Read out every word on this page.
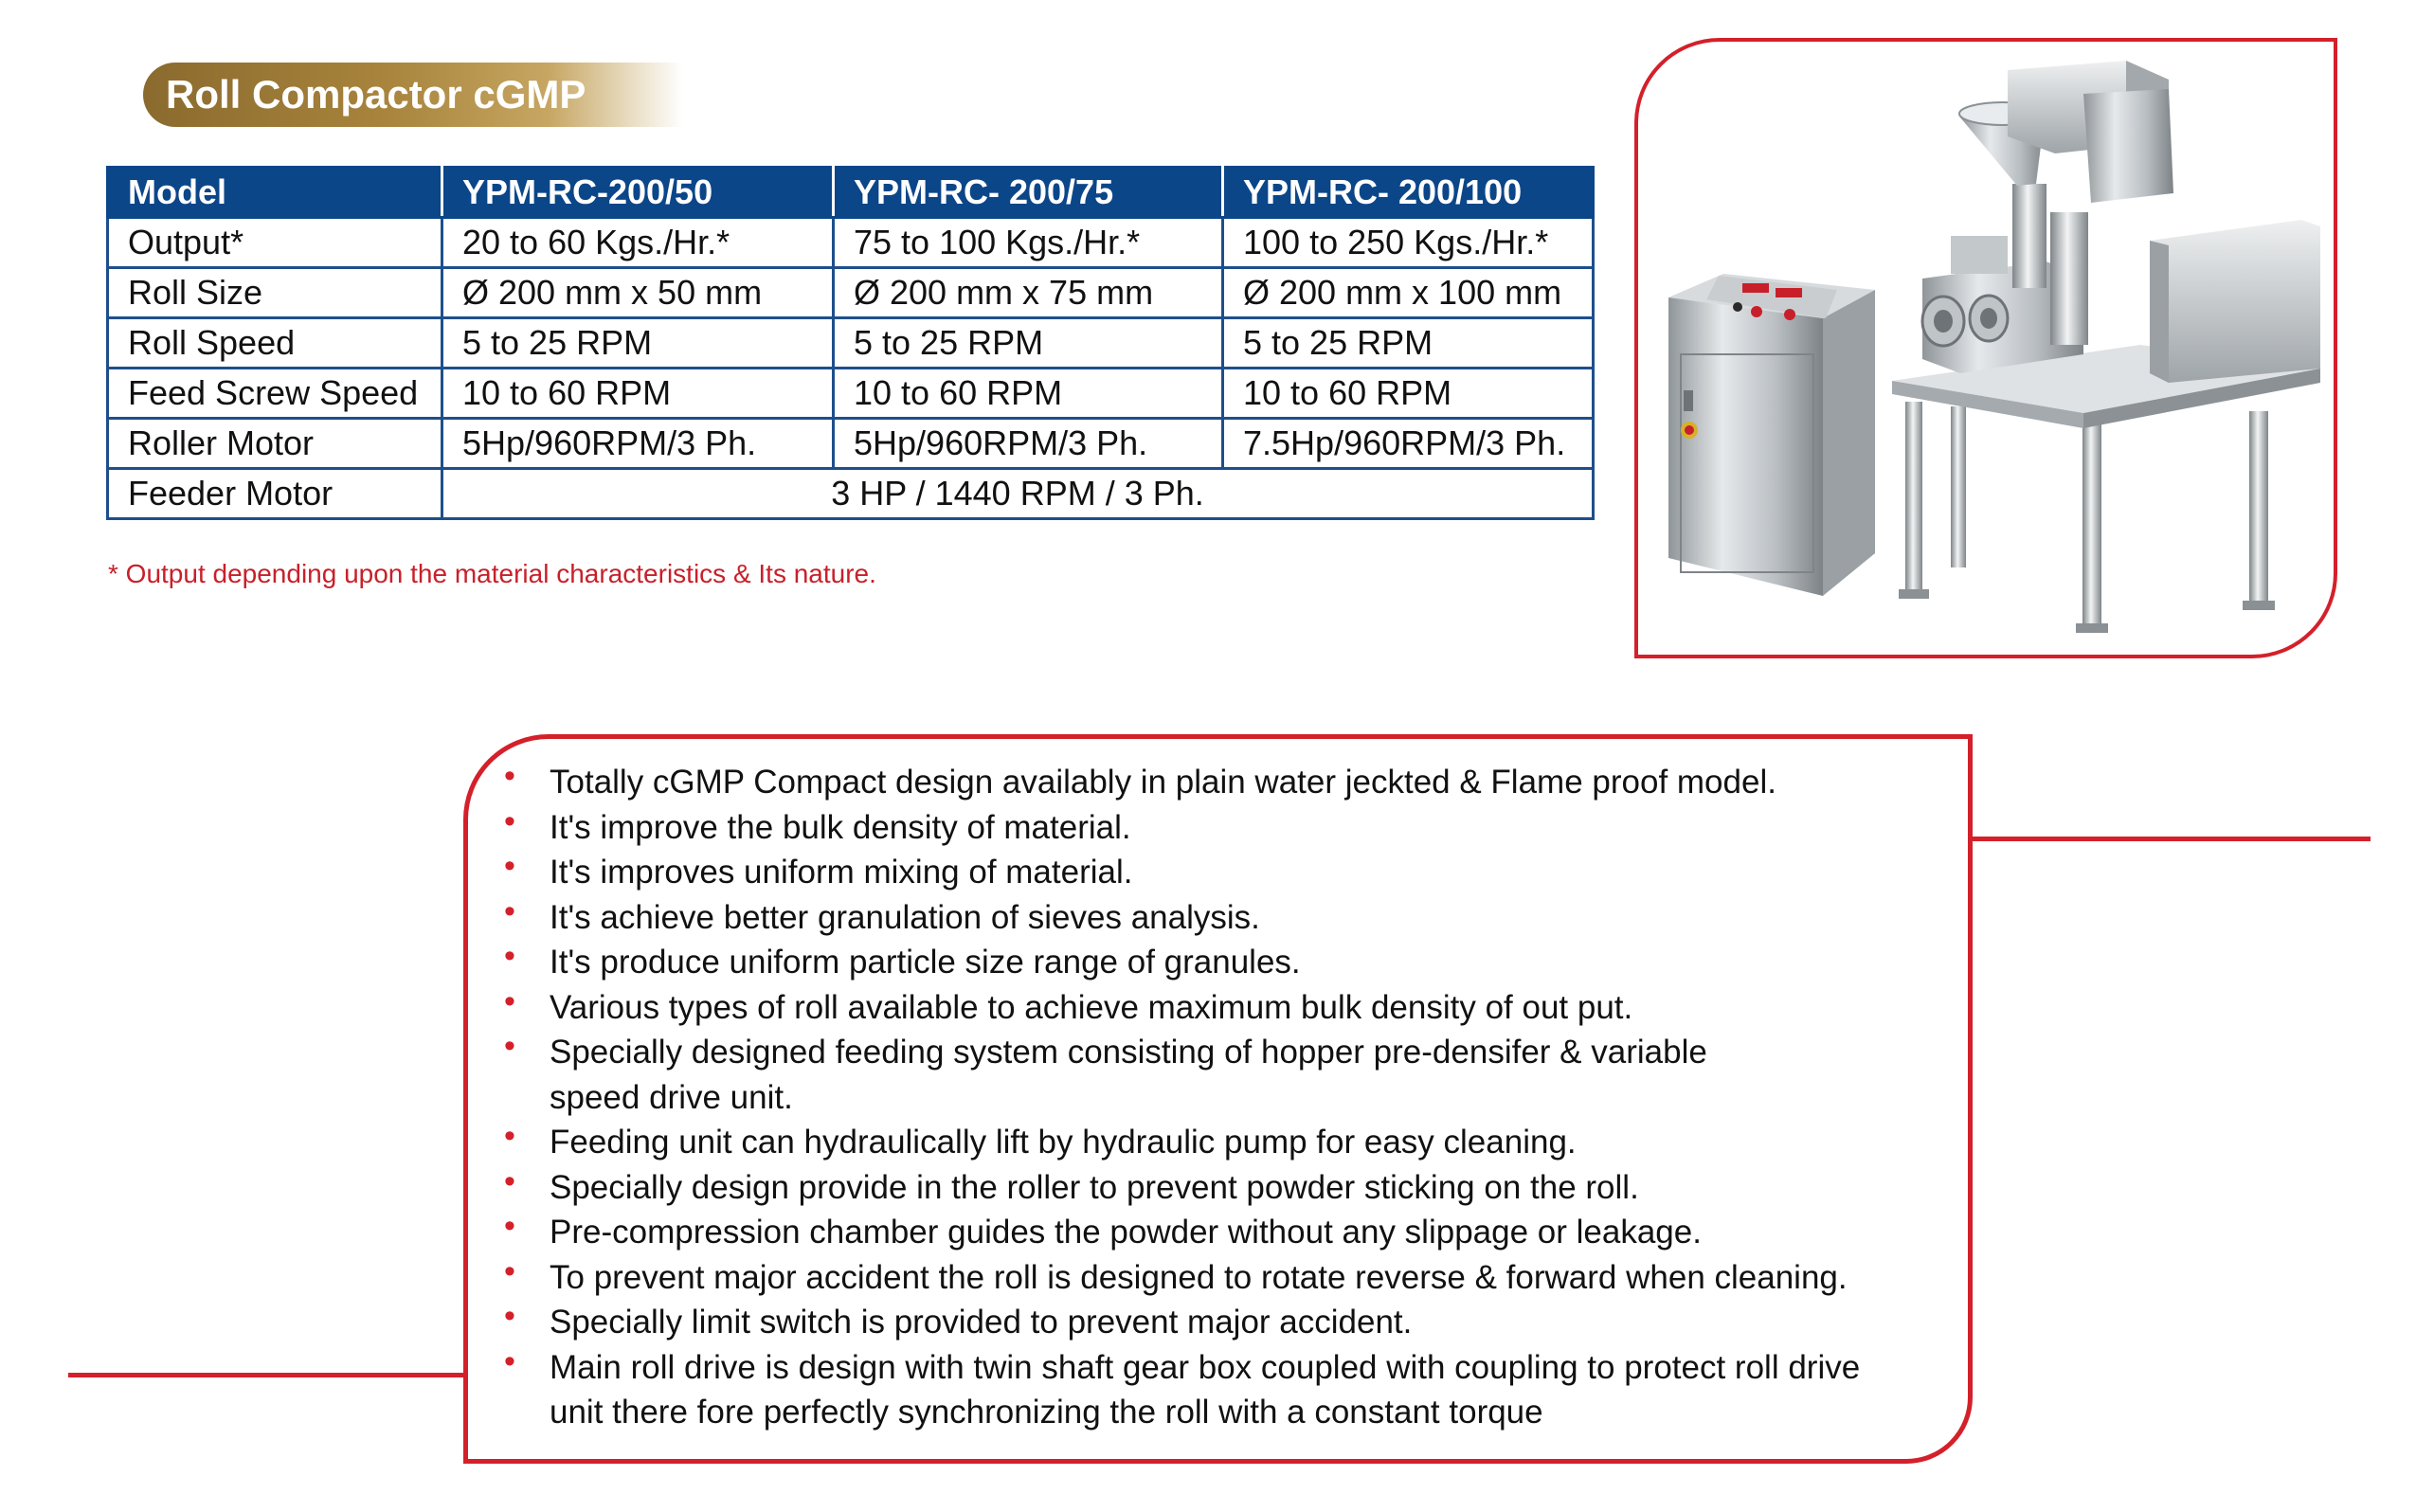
Roll Compactor cGMP
Model	YPM-RC-200/50	YPM-RC- 200/75	YPM-RC- 200/100
Output*	20 to 60 Kgs./Hr.*	75 to 100 Kgs./Hr.*	100 to 250 Kgs./Hr.*
Roll Size	Ø 200 mm x 50 mm	Ø 200 mm x 75 mm	Ø 200 mm x 100 mm
Roll Speed	5 to 25 RPM	5 to 25 RPM	5 to 25 RPM
Feed Screw Speed	10 to 60 RPM	10 to 60 RPM	10 to 60 RPM
Roller Motor	5Hp/960RPM/3 Ph.	5Hp/960RPM/3 Ph.	7.5Hp/960RPM/3 Ph.
Feeder Motor	3 HP / 1440 RPM / 3 Ph.		
* Output depending upon the material characteristics & Its nature.
• Totally cGMP Compact design availably in plain water jeckted & Flame proof model.
• It's improve the bulk density of material.
• It's improves uniform mixing of material.
• It's achieve better granulation of sieves analysis.
• It's produce uniform particle size range of granules.
• Various types of roll available to achieve maximum bulk density of out put.
• Specially designed feeding system consisting of hopper pre-densifer & variable
speed drive unit.
• Feeding unit can hydraulically lift by hydraulic pump for easy cleaning.
• Specially design provide in the roller to prevent powder sticking on the roll.
• Pre-compression chamber guides the powder without any slippage or leakage.
• To prevent major accident the roll is designed to rotate reverse & forward when cleaning.
• Specially limit switch is provided to prevent major accident.
• Main roll drive is design with twin shaft gear box coupled with coupling to protect roll drive
unit there fore perfectly synchronizing the roll with a constant torque
